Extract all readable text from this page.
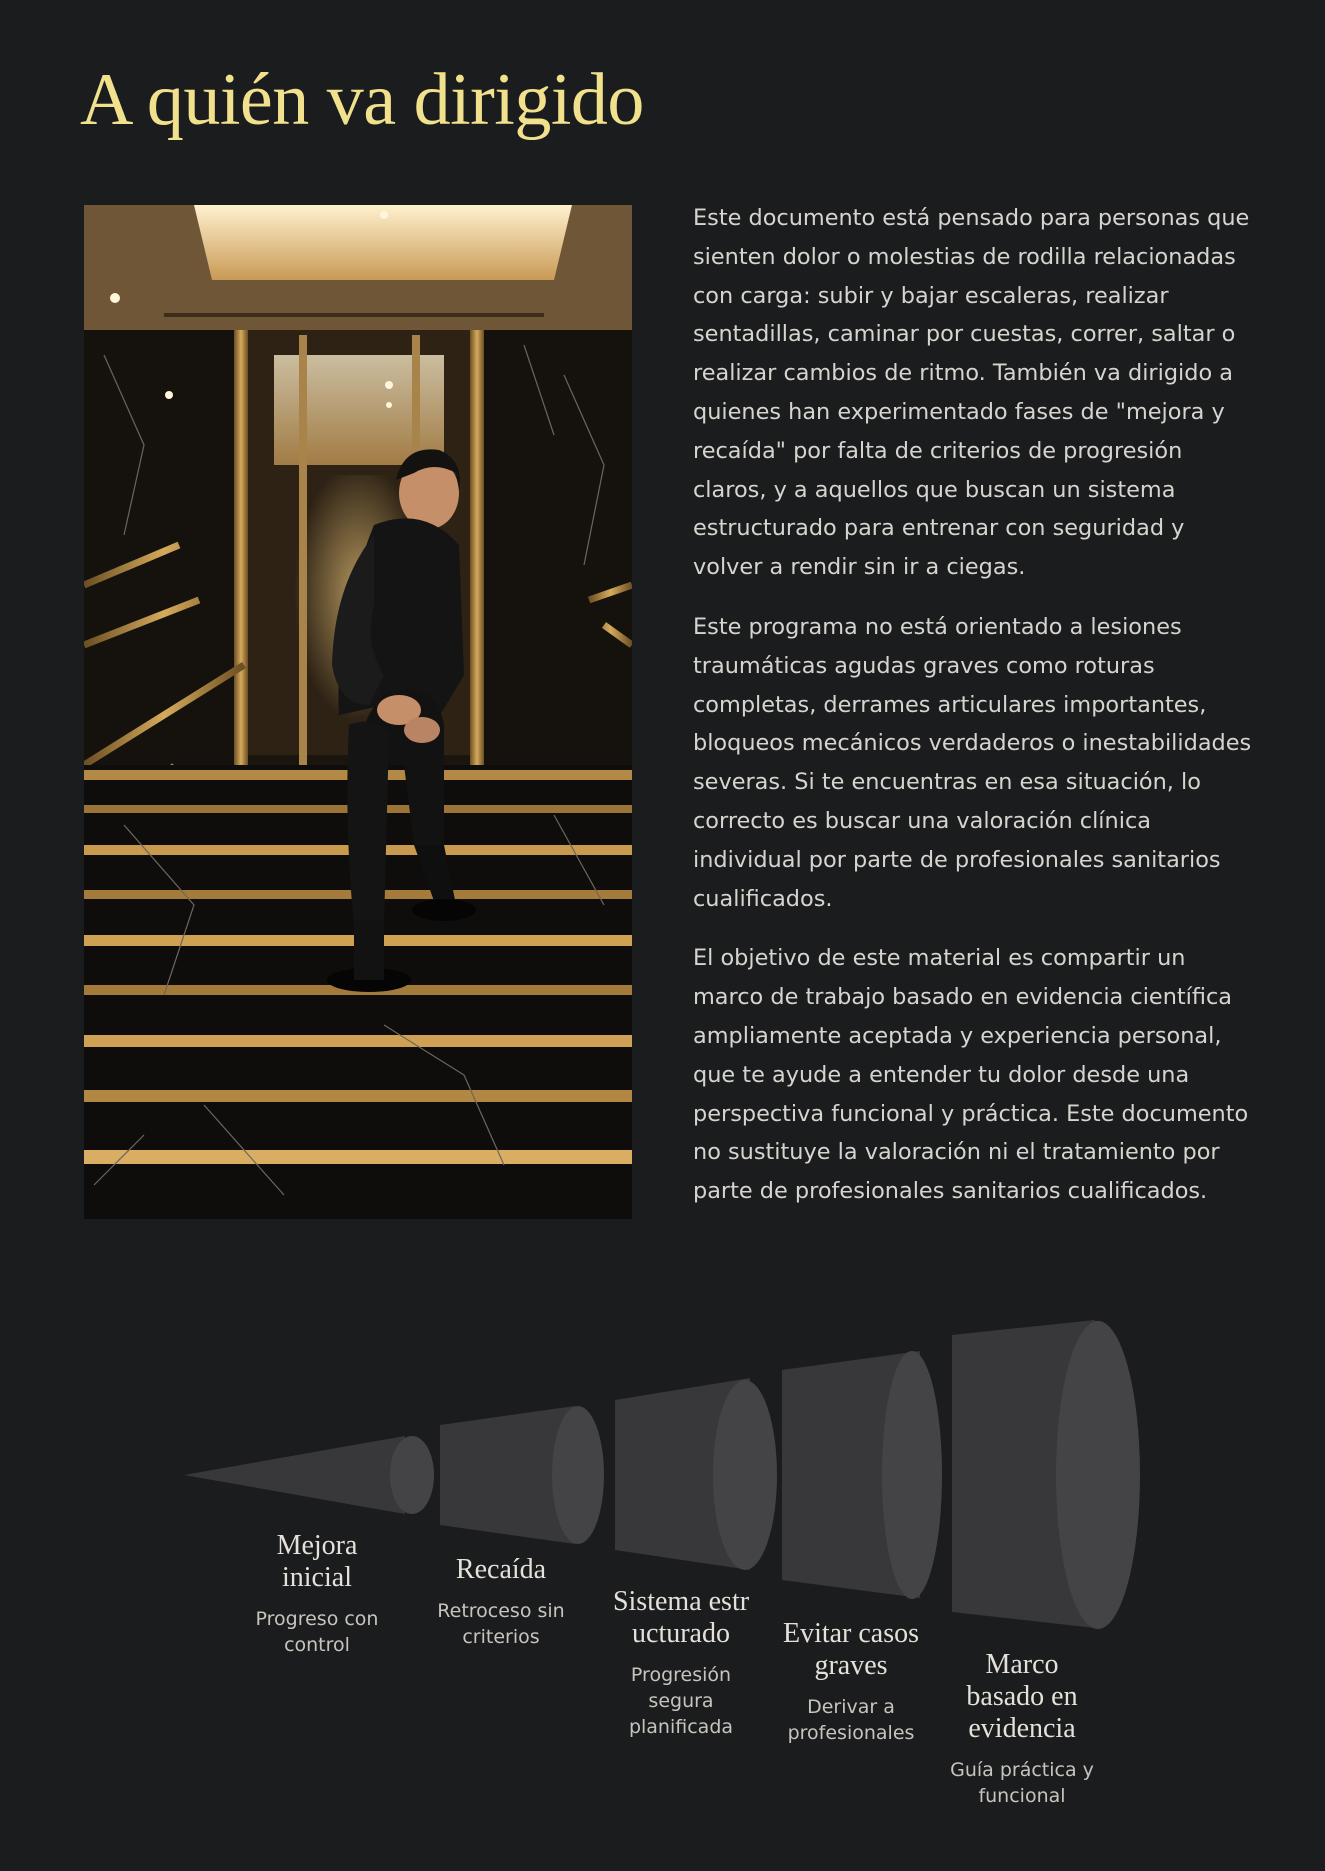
A quién va dirigido

Este documento está pensado para personas que sienten dolor o molestias de rodilla relacionadas con carga: subir y bajar escaleras, realizar sentadillas, caminar por cuestas, correr, saltar o realizar cambios de ritmo. También va dirigido a quienes han experimentado fases de "mejora y recaída" por falta de criterios de progresión claros, y a aquellos que buscan un sistema estructurado para entrenar con seguridad y volver a rendir sin ir a ciegas.

Este programa no está orientado a lesiones traumáticas agudas graves como roturas completas, derrames articulares importantes, bloqueos mecánicos verdaderos o inestabilidades severas. Si te encuentras en esa situación, lo correcto es buscar una valoración clínica individual por parte de profesionales sanitarios cualificados.

El objetivo de este material es compartir un marco de trabajo basado en evidencia científica ampliamente aceptada y experiencia personal, que te ayude a entender tu dolor desde una perspectiva funcional y práctica. Este documento no sustituye la valoración ni el tratamiento por parte de profesionales sanitarios cualificados.

Mejora inicial
Progreso con control
Recaída
Retroceso sin criterios
Sistema estructurado
Progresión segura planificada
Evitar casos graves
Derivar a profesionales
Marco basado en evidencia
Guía práctica y funcional
